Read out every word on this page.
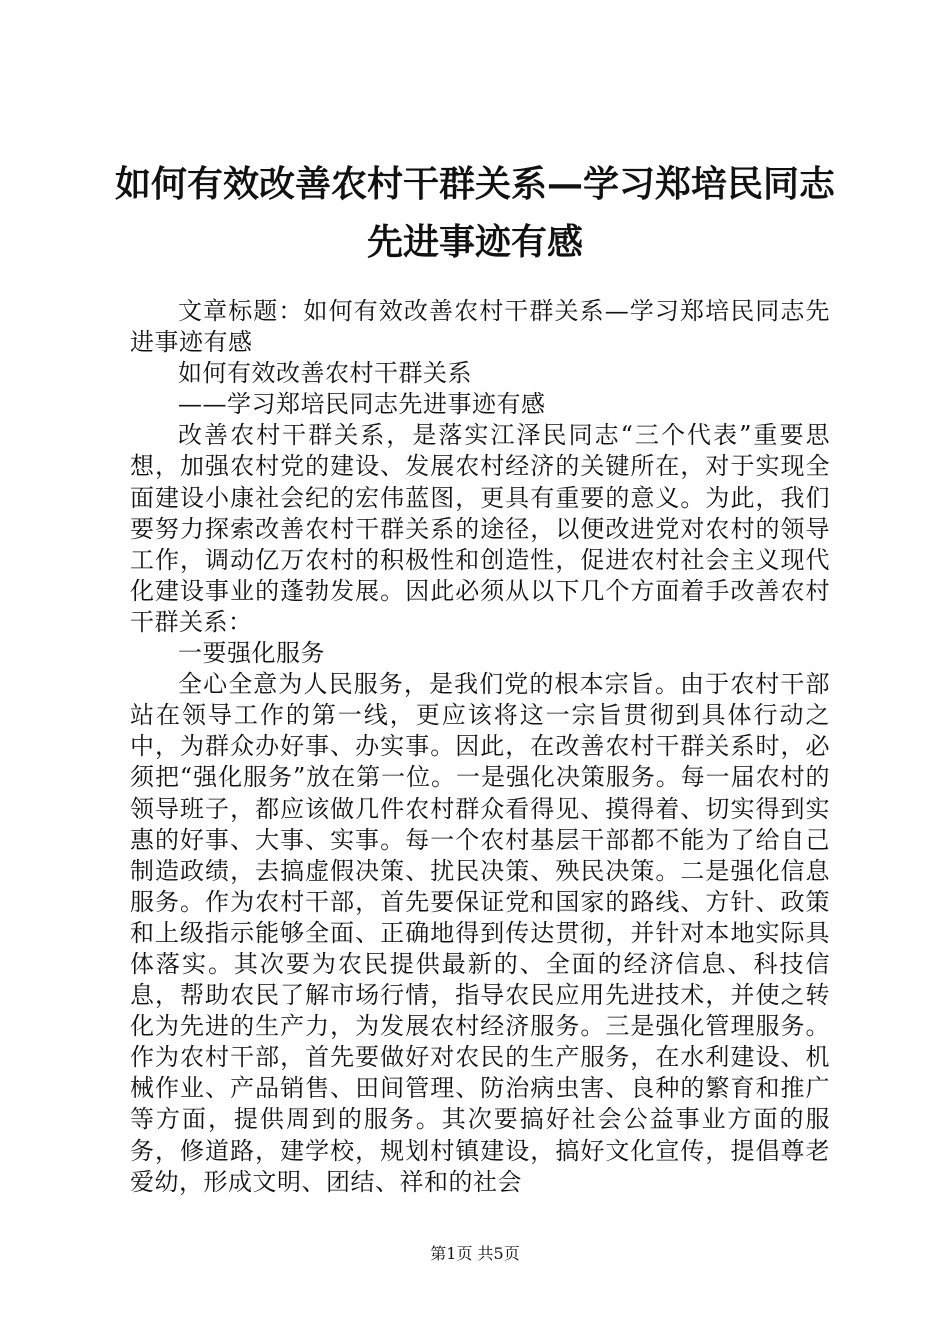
如何有效改善农村干群关系—学习郑培民同志
先进事迹有感

文章标题：如何有效改善农村干群关系—学习郑培民同志先进事迹有感

如何有效改善农村干群关系

——学习郑培民同志先进事迹有感

改善农村干群关系，是落实江泽民同志“三个代表”重要思想，加强农村党的建设、发展农村经济的关键所在，对于实现全面建设小康社会纪的宏伟蓝图，更具有重要的意义。为此，我们要努力探索改善农村干群关系的途径，以便改进党对农村的领导工作，调动亿万农村的积极性和创造性，促进农村社会主义现代化建设事业的蓬勃发展。因此必须从以下几个方面着手改善农村干群关系：

一要强化服务

全心全意为人民服务，是我们党的根本宗旨。由于农村干部站在领导工作的第一线，更应该将这一宗旨贯彻到具体行动之中，为群众办好事、办实事。因此，在改善农村干群关系时，必须把“强化服务”放在第一位。一是强化决策服务。每一届农村的领导班子，都应该做几件农村群众看得见、摸得着、切实得到实惠的好事、大事、实事。每一个农村基层干部都不能为了给自己制造政绩，去搞虚假决策、扰民决策、殃民决策。二是强化信息服务。作为农村干部，首先要保证党和国家的路线、方针、政策和上级指示能够全面、正确地得到传达贯彻，并针对本地实际具体落实。其次要为农民提供最新的、全面的经济信息、科技信息，帮助农民了解市场行情，指导农民应用先进技术，并使之转化为先进的生产力，为发展农村经济服务。三是强化管理服务。作为农村干部，首先要做好对农民的生产服务，在水利建设、机械作业、产品销售、田间管理、防治病虫害、良种的繁育和推广等方面，提供周到的服务。其次要搞好社会公益事业方面的服务，修道路，建学校，规划村镇建设，搞好文化宣传，提倡尊老爱幼，形成文明、团结、祥和的社会

第1页 共5页
